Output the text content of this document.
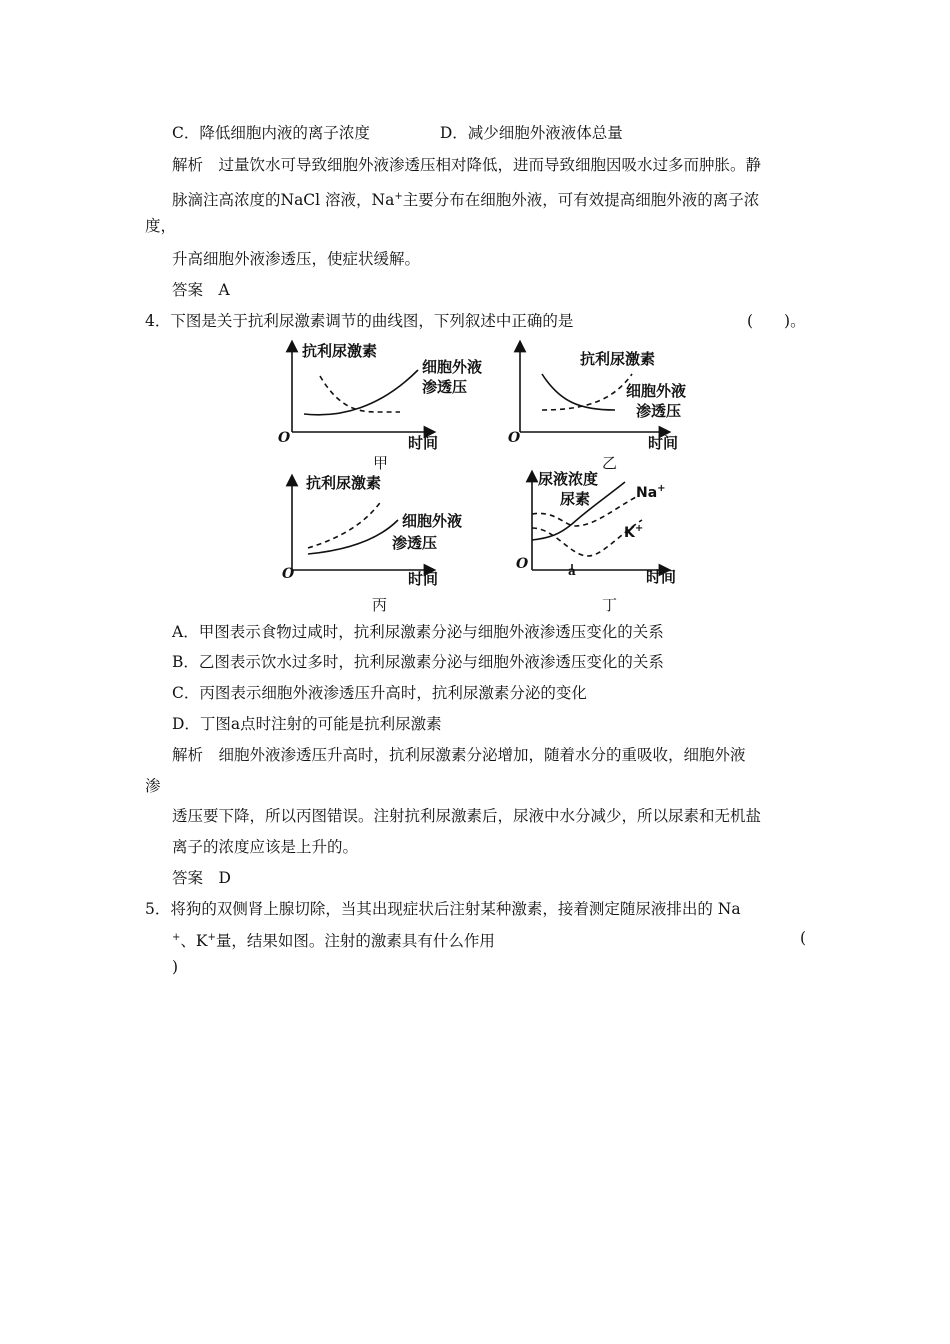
C．降低细胞内液的离子浓度	D．减少细胞外液液体总量
解析　过量饮水可导致细胞外液渗透压相对降低，进而导致细胞因吸水过多而肿胀。静
脉滴注高浓度的NaCl 溶液，Na+主要分布在细胞外液，可有效提高细胞外液的离子浓
度，
升高细胞外液渗透压，使症状缓解。
答案　A
4．下图是关于抗利尿激素调节的曲线图，下列叙述中正确的是	(　　)。
抗利尿激素
细胞外液
渗透压
O	时间
甲
抗利尿激素
细胞外液
渗透压
O	时间
乙
抗利尿激素
细胞外液
渗透压
O	时间
丙
尿液浓度
尿素	Na+
K+
a
O
时间
丁
A．甲图表示食物过咸时，抗利尿激素分泌与细胞外液渗透压变化的关系
B．乙图表示饮水过多时，抗利尿激素分泌与细胞外液渗透压变化的关系
C．丙图表示细胞外液渗透压升高时，抗利尿激素分泌的变化
D．丁图a点时注射的可能是抗利尿激素
解析　细胞外液渗透压升高时，抗利尿激素分泌增加，随着水分的重吸收，细胞外液
渗
透压要下降，所以丙图错误。注射抗利尿激素后，尿液中水分减少，所以尿素和无机盐
离子的浓度应该是上升的。
答案　D
5．将狗的双侧肾上腺切除，当其出现症状后注射某种激素，接着测定随尿液排出的 Na
+、K+量，结果如图。注射的激素具有什么作用	(
)
